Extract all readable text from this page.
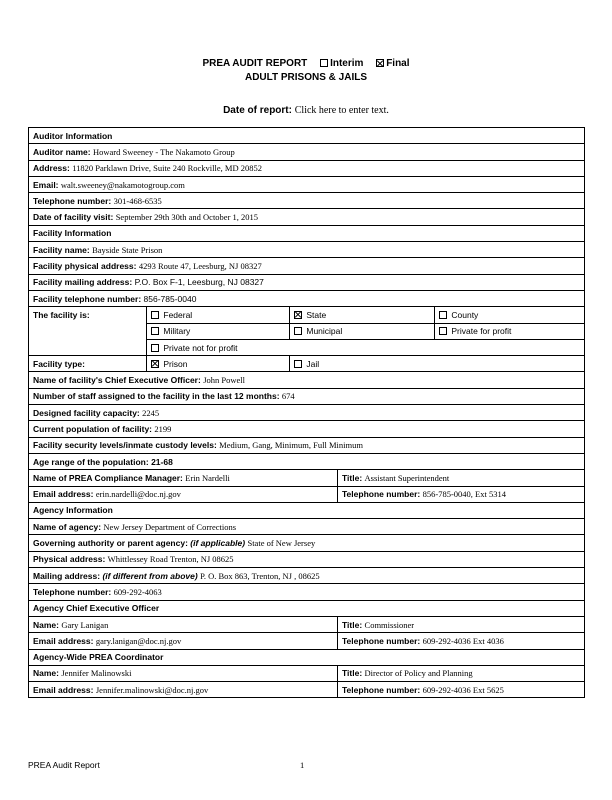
PREA AUDIT REPORT Interim Final
ADULT PRISONS & JAILS
Date of report: Click here to enter text.
Auditor Information				
Auditor name: Howard Sweeney - The Nakamoto Group				
Address: 11820 Parklawn Drive, Suite 240 Rockville, MD 20852				
Email: walt.sweeney@nakamotogroup.com				
Telephone number: 301-468-6535				
Date of facility visit: September 29th 30th and October 1, 2015				
Facility Information				
Facility name: Bayside State Prison				
Facility physical address: 4293 Route 47, Leesburg, NJ 08327				
Facility mailing address: P.O. Box F-1, Leesburg, NJ 08327				
Facility telephone number: 856-785-0040				
The facility is:	Federal	State		County
	Military	Municipal		Private for profit
	Private not for profit			
Facility type:	Prison	Jail		
Name of facility's Chief Executive Officer: John Powell				
Number of staff assigned to the facility in the last 12 months: 674				
Designed facility capacity: 2245				
Current population of facility: 2199				
Facility security levels/inmate custody levels: Medium, Gang, Minimum, Full Minimum				
Age range of the population: 21-68				
Name of PREA Compliance Manager: Erin Nardelli			Title: Assistant Superintendent	
Email address: erin.nardelli@doc.nj.gov			Telephone number: 856-785-0040, Ext 5314	
Agency Information				
Name of agency: New Jersey Department of Corrections				
Governing authority or parent agency: (if applicable) State of New Jersey				
Physical address: Whittlessey Road Trenton, NJ 08625				
Mailing address: (if different from above) P. O. Box 863, Trenton, NJ , 08625				
Telephone number: 609-292-4063				
Agency Chief Executive Officer				
Name: Gary Lanigan			Title: Commissioner	
Email address: gary.lanigan@doc.nj.gov			Telephone number: 609-292-4036 Ext 4036	
Agency-Wide PREA Coordinator				
Name: Jennifer Malinowski			Title: Director of Policy and Planning	
Email address: Jennifer.malinowski@doc.nj.gov			Telephone number: 609-292-4036 Ext 5625	
PREA Audit Report	1
